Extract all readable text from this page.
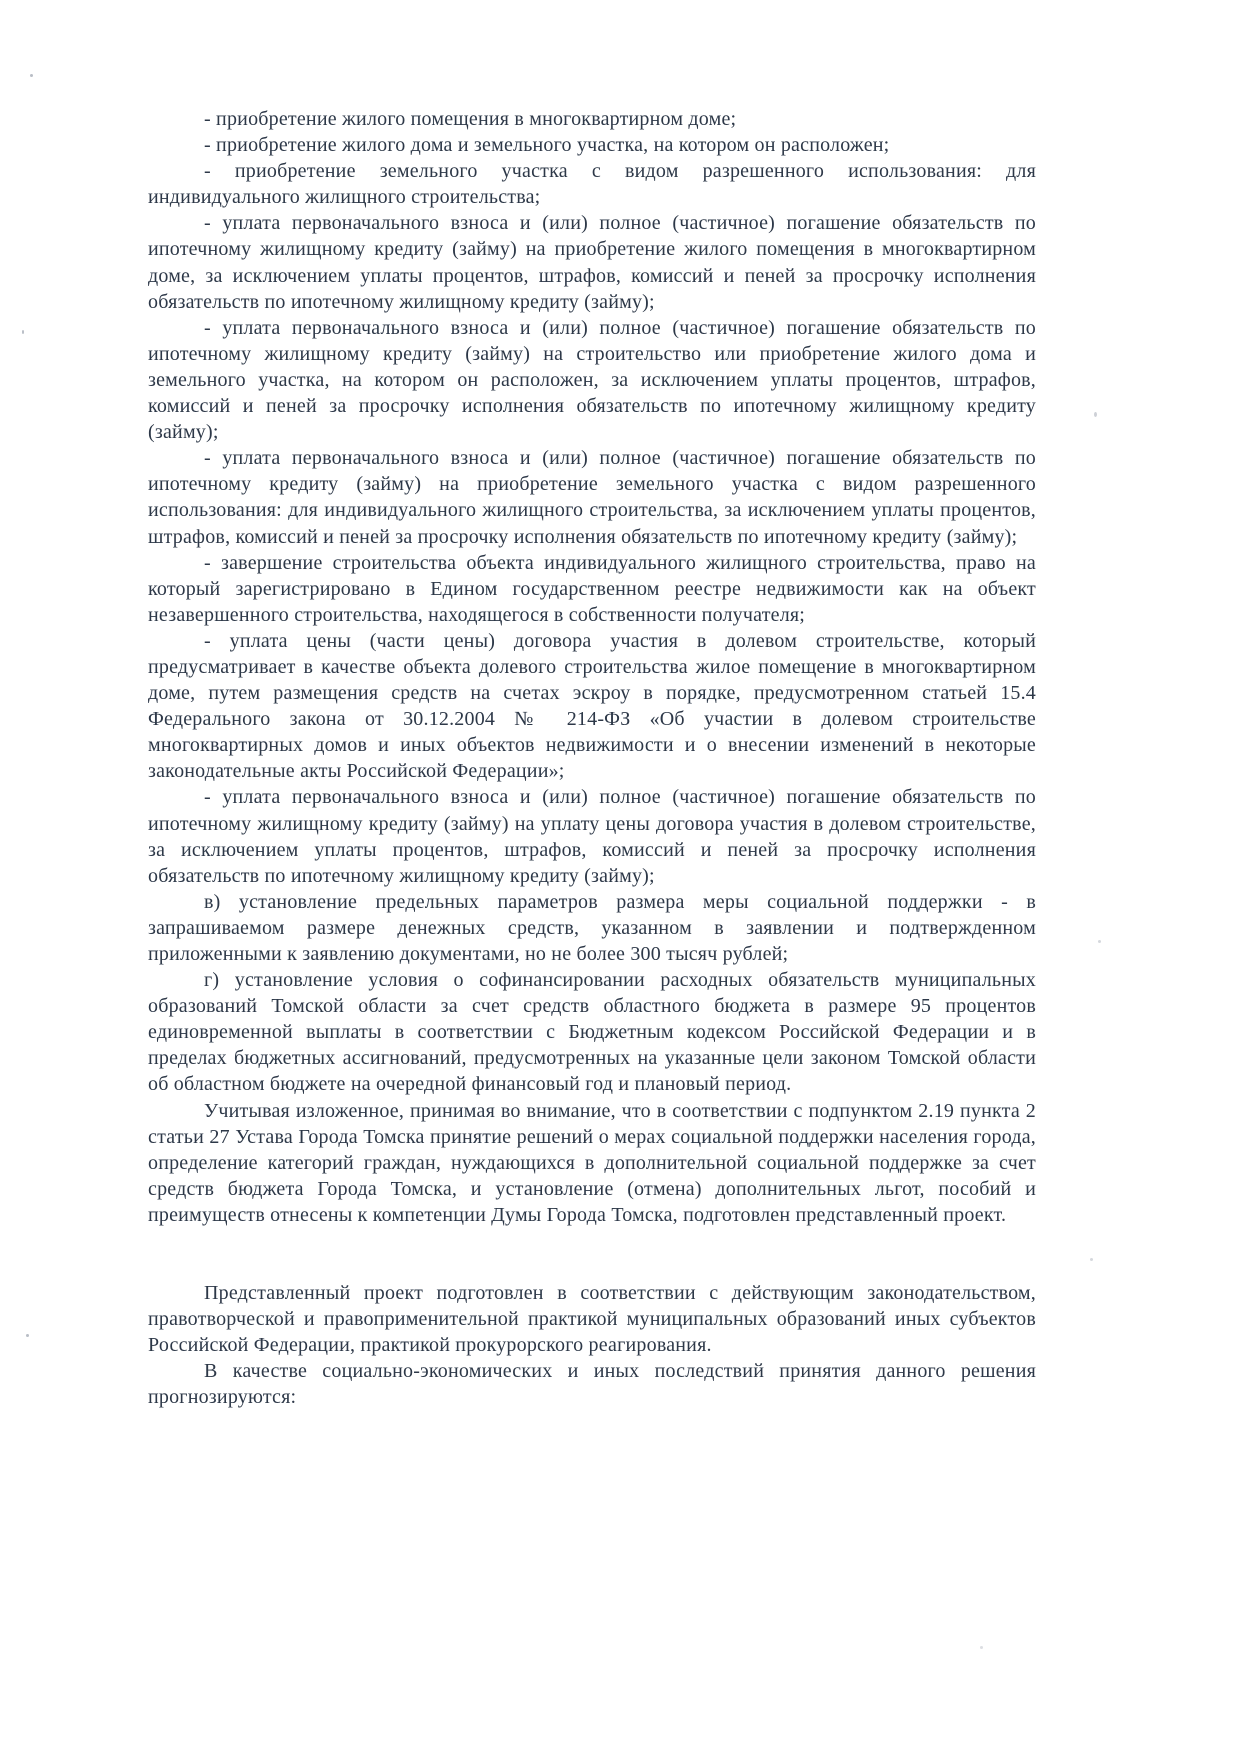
- приобретение жилого помещения в многоквартирном доме;

- приобретение жилого дома и земельного участка, на котором он расположен;

- приобретение земельного участка с видом разрешенного использования: для индивидуального жилищного строительства;

- уплата первоначального взноса и (или) полное (частичное) погашение обязательств по ипотечному жилищному кредиту (займу) на приобретение жилого помещения в многоквартирном доме, за исключением уплаты процентов, штрафов, комиссий и пеней за просрочку исполнения обязательств по ипотечному жилищному кредиту (займу);

- уплата первоначального взноса и (или) полное (частичное) погашение обязательств по ипотечному жилищному кредиту (займу) на строительство или приобретение жилого дома и земельного участка, на котором он расположен, за исключением уплаты процентов, штрафов, комиссий и пеней за просрочку исполнения обязательств по ипотечному жилищному кредиту (займу);

- уплата первоначального взноса и (или) полное (частичное) погашение обязательств по ипотечному кредиту (займу) на приобретение земельного участка с видом разрешенного использования: для индивидуального жилищного строительства, за исключением уплаты процентов, штрафов, комиссий и пеней за просрочку исполнения обязательств по ипотечному кредиту (займу);

- завершение строительства объекта индивидуального жилищного строительства, право на который зарегистрировано в Едином государственном реестре недвижимости как на объект незавершенного строительства, находящегося в собственности получателя;

- уплата цены (части цены) договора участия в долевом строительстве, который предусматривает в качестве объекта долевого строительства жилое помещение в многоквартирном доме, путем размещения средств на счетах эскроу в порядке, предусмотренном статьей 15.4 Федерального закона от 30.12.2004 № 214-ФЗ «Об участии в долевом строительстве многоквартирных домов и иных объектов недвижимости и о внесении изменений в некоторые законодательные акты Российской Федерации»;

- уплата первоначального взноса и (или) полное (частичное) погашение обязательств по ипотечному жилищному кредиту (займу) на уплату цены договора участия в долевом строительстве, за исключением уплаты процентов, штрафов, комиссий и пеней за просрочку исполнения обязательств по ипотечному жилищному кредиту (займу);

в) установление предельных параметров размера меры социальной поддержки - в запрашиваемом размере денежных средств, указанном в заявлении и подтвержденном приложенными к заявлению документами, но не более 300 тысяч рублей;

г) установление условия о софинансировании расходных обязательств муниципальных образований Томской области за счет средств областного бюджета в размере 95 процентов единовременной выплаты в соответствии с Бюджетным кодексом Российской Федерации и в пределах бюджетных ассигнований, предусмотренных на указанные цели законом Томской области об областном бюджете на очередной финансовый год и плановый период.

Учитывая изложенное, принимая во внимание, что в соответствии с подпунктом 2.19 пункта 2 статьи 27 Устава Города Томска принятие решений о мерах социальной поддержки населения города, определение категорий граждан, нуждающихся в дополнительной социальной поддержке за счет средств бюджета Города Томска, и установление (отмена) дополнительных льгот, пособий и преимуществ отнесены к компетенции Думы Города Томска, подготовлен представленный проект.

Представленный проект подготовлен в соответствии с действующим законодательством, правотворческой и правоприменительной практикой муниципальных образований иных субъектов Российской Федерации, практикой прокурорского реагирования.

В качестве социально-экономических и иных последствий принятия данного решения прогнозируются:
